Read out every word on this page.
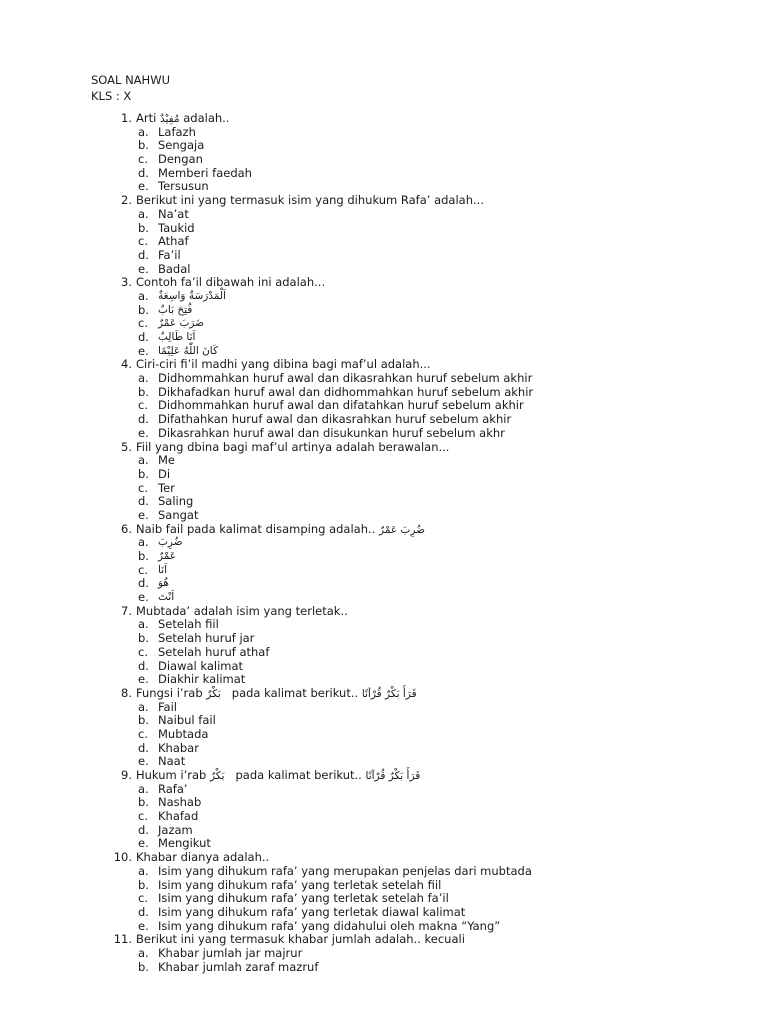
SOAL NAHWU
KLS : X
1. Arti مُفِيْدٌ adalah..
a. Lafazh
b. Sengaja
c. Dengan
d. Memberi faedah
e. Tersusun
2. Berikut ini yang termasuk isim yang dihukum Rafa’ adalah...
a. Na’at
b. Taukid
c. Athaf
d. Fa’il
e. Badal
3. Contoh fa’il dibawah ini adalah...
a. اَلْمَدْرَسَةُ وَاسِعَةٌ
b. فُتِحَ بَابٌ
c. ضَرَبَ عَمْرٌ
d. اَنَا طَالِبٌ
e. كَانَ اللّٰهُ عَلِيْمًا
4. Ciri-ciri fi’il madhi yang dibina bagi maf’ul adalah...
a. Didhommahkan huruf awal dan dikasrahkan huruf sebelum akhir
b. Dikhafadkan huruf awal dan didhommahkan huruf sebelum akhir
c. Didhommahkan huruf awal dan difatahkan huruf sebelum akhir
d. Difathahkan huruf awal dan dikasrahkan huruf sebelum akhir
e. Dikasrahkan huruf awal dan disukunkan huruf sebelum akhr
5. Fiil yang dbina bagi maf’ul artinya adalah berawalan...
a. Me
b. Di
c. Ter
d. Saling
e. Sangat
6. Naib fail pada kalimat disamping adalah.. ضُرِبَ عَمْرٌ
a. ضُرِبَ
b. عَمْرٌ
c. اَنَا
d. هُوَ
e. اَنْتَ
7. Mubtada’ adalah isim yang terletak..
a. Setelah fiil
b. Setelah huruf jar
c. Setelah huruf athaf
d. Diawal kalimat
e. Diakhir kalimat
8. Fungsi i’rab بَكْرٌ pada kalimat berikut.. قَرَأَ بَكْرٌ قُرْآنًا
a. Fail
b. Naibul fail
c. Mubtada
d. Khabar
e. Naat
9. Hukum i’rab بَكْرٌ pada kalimat berikut.. قَرَأَ بَكْرٌ قُرْآنًا
a. Rafa’
b. Nashab
c. Khafad
d. Jazam
e. Mengikut
10. Khabar dianya adalah..
a. Isim yang dihukum rafa’ yang merupakan penjelas dari mubtada
b. Isim yang dihukum rafa’ yang terletak setelah fiil
c. Isim yang dihukum rafa’ yang terletak setelah fa’il
d. Isim yang dihukum rafa’ yang terletak diawal kalimat
e. Isim yang dihukum rafa’ yang didahului oleh makna “Yang”
11. Berikut ini yang termasuk khabar jumlah adalah.. kecuali
a. Khabar jumlah jar majrur
b. Khabar jumlah zaraf mazruf
